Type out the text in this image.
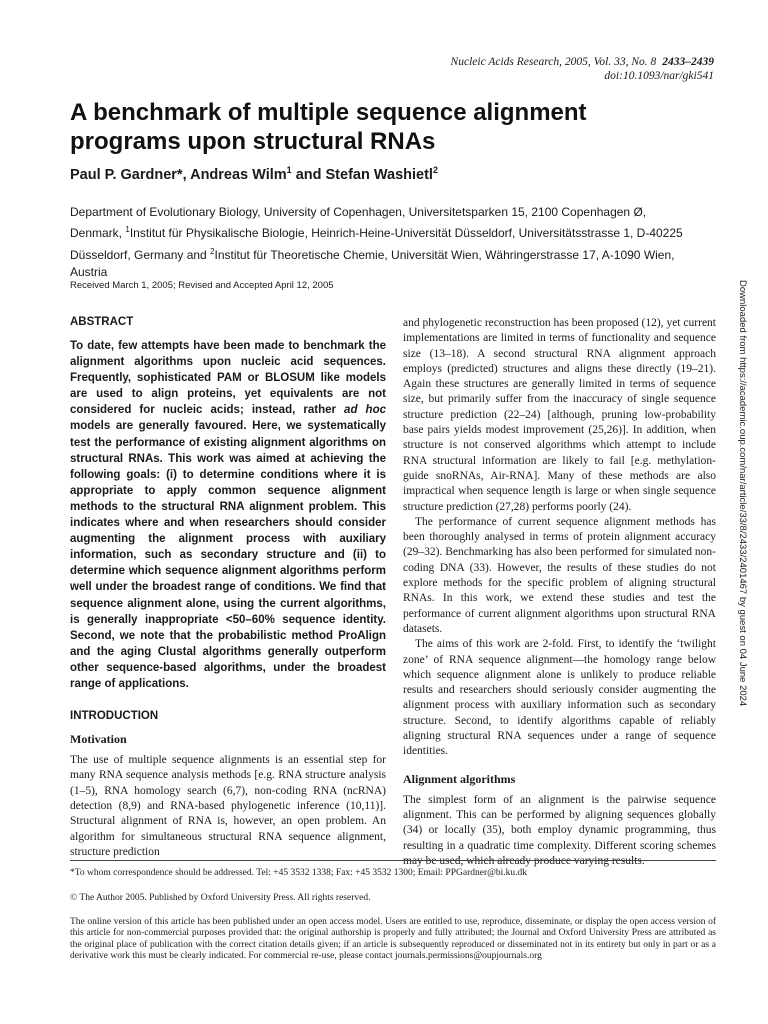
Nucleic Acids Research, 2005, Vol. 33, No. 8 2433–2439
doi:10.1093/nar/gki541
A benchmark of multiple sequence alignment programs upon structural RNAs
Paul P. Gardner*, Andreas Wilm$^1$ and Stefan Washietl$^2$
Department of Evolutionary Biology, University of Copenhagen, Universitetsparken 15, 2100 Copenhagen Ø, Denmark, $^1$Institut für Physikalische Biologie, Heinrich-Heine-Universität Düsseldorf, Universitätsstrasse 1, D-40225 Düsseldorf, Germany and $^2$Institut für Theoretische Chemie, Universität Wien, Währingerstrasse 17, A-1090 Wien, Austria
Received March 1, 2005; Revised and Accepted April 12, 2005	Downloaded from https://academic.oup.com/nar/article/33/8/2433/2401467 by guest on 04 June 2024
ABSTRACT

To date, few attempts have been made to benchmark the alignment algorithms upon nucleic acid sequences. Frequently, sophisticated PAM or BLOSUM like models are used to align proteins, yet equivalents are not considered for nucleic acids; instead, rather ad hoc models are generally favoured. Here, we systematically test the performance of existing alignment algorithms on structural RNAs. This work was aimed at achieving the following goals: (i) to determine conditions where it is appropriate to apply common sequence alignment methods to the structural RNA alignment problem. This indicates where and when researchers should consider augmenting the alignment process with auxiliary information, such as secondary structure and (ii) to determine which sequence alignment algorithms perform well under the broadest range of conditions. We find that sequence alignment alone, using the current algorithms, is generally inappropriate <50–60% sequence identity. Second, we note that the probabilistic method ProAlign and the aging Clustal algorithms generally outperform other sequence-based algorithms, under the broadest range of applications.

INTRODUCTION
Motivation

The use of multiple sequence alignments is an essential step for many RNA sequence analysis methods [e.g. RNA structure analysis (1–5), RNA homology search (6,7), non-coding RNA (ncRNA) detection (8,9) and RNA-based phylogenetic inference (10,11)]. Structural alignment of RNA is, however, an open problem. An algorithm for simultaneous structural RNA sequence alignment, structure prediction

and phylogenetic reconstruction has been proposed (12), yet current implementations are limited in terms of functionality and sequence size (13–18). A second structural RNA alignment approach employs (predicted) structures and aligns these directly (19–21). Again these structures are generally limited in terms of sequence size, but primarily suffer from the inaccuracy of single sequence structure prediction (22–24) [although, pruning low-probability base pairs yields modest improvement (25,26)]. In addition, when structure is not conserved algorithms which attempt to include RNA structural information are likely to fail [e.g. methylation-guide snoRNAs, Air-RNA]. Many of these methods are also impractical when sequence length is large or when single sequence structure prediction (27,28) performs poorly (24).

The performance of current sequence alignment methods has been thoroughly analysed in terms of protein alignment accuracy (29–32). Benchmarking has also been performed for simulated non-coding DNA (33). However, the results of these studies do not explore methods for the specific problem of aligning structural RNAs. In this work, we extend these studies and test the performance of current alignment algorithms upon structural RNA datasets.

The aims of this work are 2-fold. First, to identify the ‘twilight zone’ of RNA sequence alignment—the homology range below which sequence alignment alone is unlikely to produce reliable results and researchers should seriously consider augmenting the alignment process with auxiliary information such as secondary structure. Second, to identify algorithms capable of reliably aligning structural RNA sequences under a range of sequence identities.

Alignment algorithms

The simplest form of an alignment is the pairwise sequence alignment. This can be performed by aligning sequences globally (34) or locally (35), both employ dynamic programming, thus resulting in a quadratic time complexity. Different scoring schemes

*To whom correspondence should be addressed. Tel: +45 3532 1338; Fax: +45 3532 1300; Email: PPGardner@bi.ku.dk

© The Author 2005. Published by Oxford University Press. All rights reserved.

The online version of this article has been published under an open access model. Users are entitled to use, reproduce, disseminate, or display the open access version of this article for non-commercial purposes provided that: the original authorship is properly and fully attributed; the Journal and Oxford University Press are attributed as the original place of publication with the correct citation details given; if an article is subsequently reproduced or disseminated not in its entirety but only in part or as a derivative work this must be clearly indicated. For commercial re-use, please contact journals.permissions@oupjournals.org
